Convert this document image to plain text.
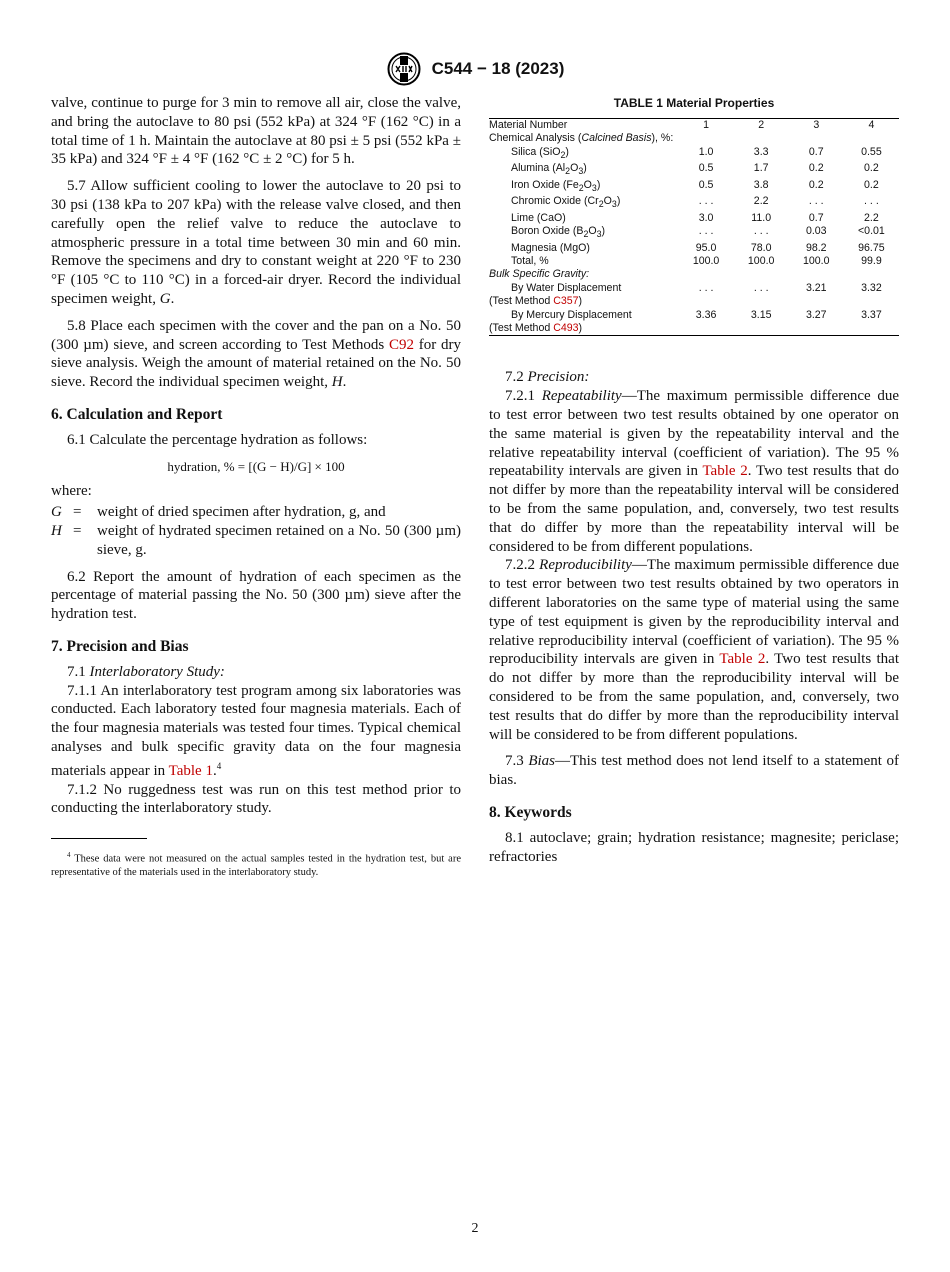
C544 − 18 (2023)

valve, continue to purge for 3 min to remove all air, close the valve, and bring the autoclave to 80 psi (552 kPa) at 324 °F (162 °C) in a total time of 1 h. Maintain the autoclave at 80 psi ± 5 psi (552 kPa ± 35 kPa) and 324 °F ± 4 °F (162 °C ± 2 °C) for 5 h.

5.7 Allow sufficient cooling to lower the autoclave to 20 psi to 30 psi (138 kPa to 207 kPa) with the release valve closed, and then carefully open the relief valve to reduce the autoclave to atmospheric pressure in a total time between 30 min and 60 min. Remove the specimens and dry to constant weight at 220 °F to 230 °F (105 °C to 110 °C) in a forced-air dryer. Record the individual specimen weight, G.

5.8 Place each specimen with the cover and the pan on a No. 50 (300 µm) sieve, and screen according to Test Methods C92 for dry sieve analysis. Weigh the amount of material retained on the No. 50 sieve. Record the individual specimen weight, H.

6. Calculation and Report

6.1 Calculate the percentage hydration as follows:

hydration, % = [(G − H)/G] × 100

where:

G =	weight of dried specimen after hydration, g, and
H =	weight of hydrated specimen retained on a No. 50 (300 µm) sieve, g.

6.2 Report the amount of hydration of each specimen as the percentage of material passing the No. 50 (300 µm) sieve after the hydration test.

7. Precision and Bias

7.1 Interlaboratory Study:

7.1.1 An interlaboratory test program among six laboratories was conducted. Each laboratory tested four magnesia materials. Each of the four magnesia materials was tested four times. Typical chemical analyses and bulk specific gravity data on the four magnesia materials appear in Table 1.$^4$

7.1.2 No ruggedness test was run on this test method prior to conducting the interlaboratory study.

$^4$ These data were not measured on the actual samples tested in the hydration test, but are representative of the materials used in the interlaboratory study.
TABLE 1 Material Properties
Material Number	1	2	3	4
Chemical Analysis (Calcined Basis), %:				
Silica (SiO$_2$)	1.0	3.3	0.7	0.55
Alumina $(Al_2O_3)$	0.5	1.7	0.2	0.2
Iron Oxide $(Fe_2O_3)$	0.5	3.8	0.2	0.2
Chromic Oxide $(Cr_2O_3)$	. . .	2.2	. . .	. . .
Lime (CaO)	3.0	11.0	0.7	2.2
Boron Oxide $(B_2O_3)$	. . .	. . .	0.03	<0.01
Magnesia (MgO)	95.0	78.0	98.2	96.75
Total, %	100.0	100.0	100.0	99.9
Bulk Specific Gravity:				
By Water Displacement	. . .	. . .	3.21	3.32
(Test Method C357)				
By Mercury Displacement	3.36	3.15	3.27	3.37
(Test Method C493)				

7.2 Precision:

7.2.1 Repeatability—The maximum permissible difference due to test error between two test results obtained by one operator on the same material is given by the repeatability interval and the relative repeatability interval (coefficient of variation). The 95 % repeatability intervals are given in Table 2. Two test results that do not differ by more than the repeatability interval will be considered to be from the same population, and, conversely, two test results that do differ by more than the repeatability interval will be considered to be from different populations.

7.2.2 Reproducibility—The maximum permissible difference due to test error between two test results obtained by two operators in different laboratories on the same type of material using the same type of test equipment is given by the reproducibility interval and relative reproducibility interval (coefficient of variation). The 95 % reproducibility intervals are given in Table 2. Two test results that do not differ by more than the reproducibility interval will be considered to be from the same population, and, conversely, two test results that do differ by more than the reproducibility interval will be considered to be from different populations.

7.3 Bias—This test method does not lend itself to a statement of bias.

8. Keywords

8.1 autoclave; grain; hydration resistance; magnesite; periclase; refractories

2
